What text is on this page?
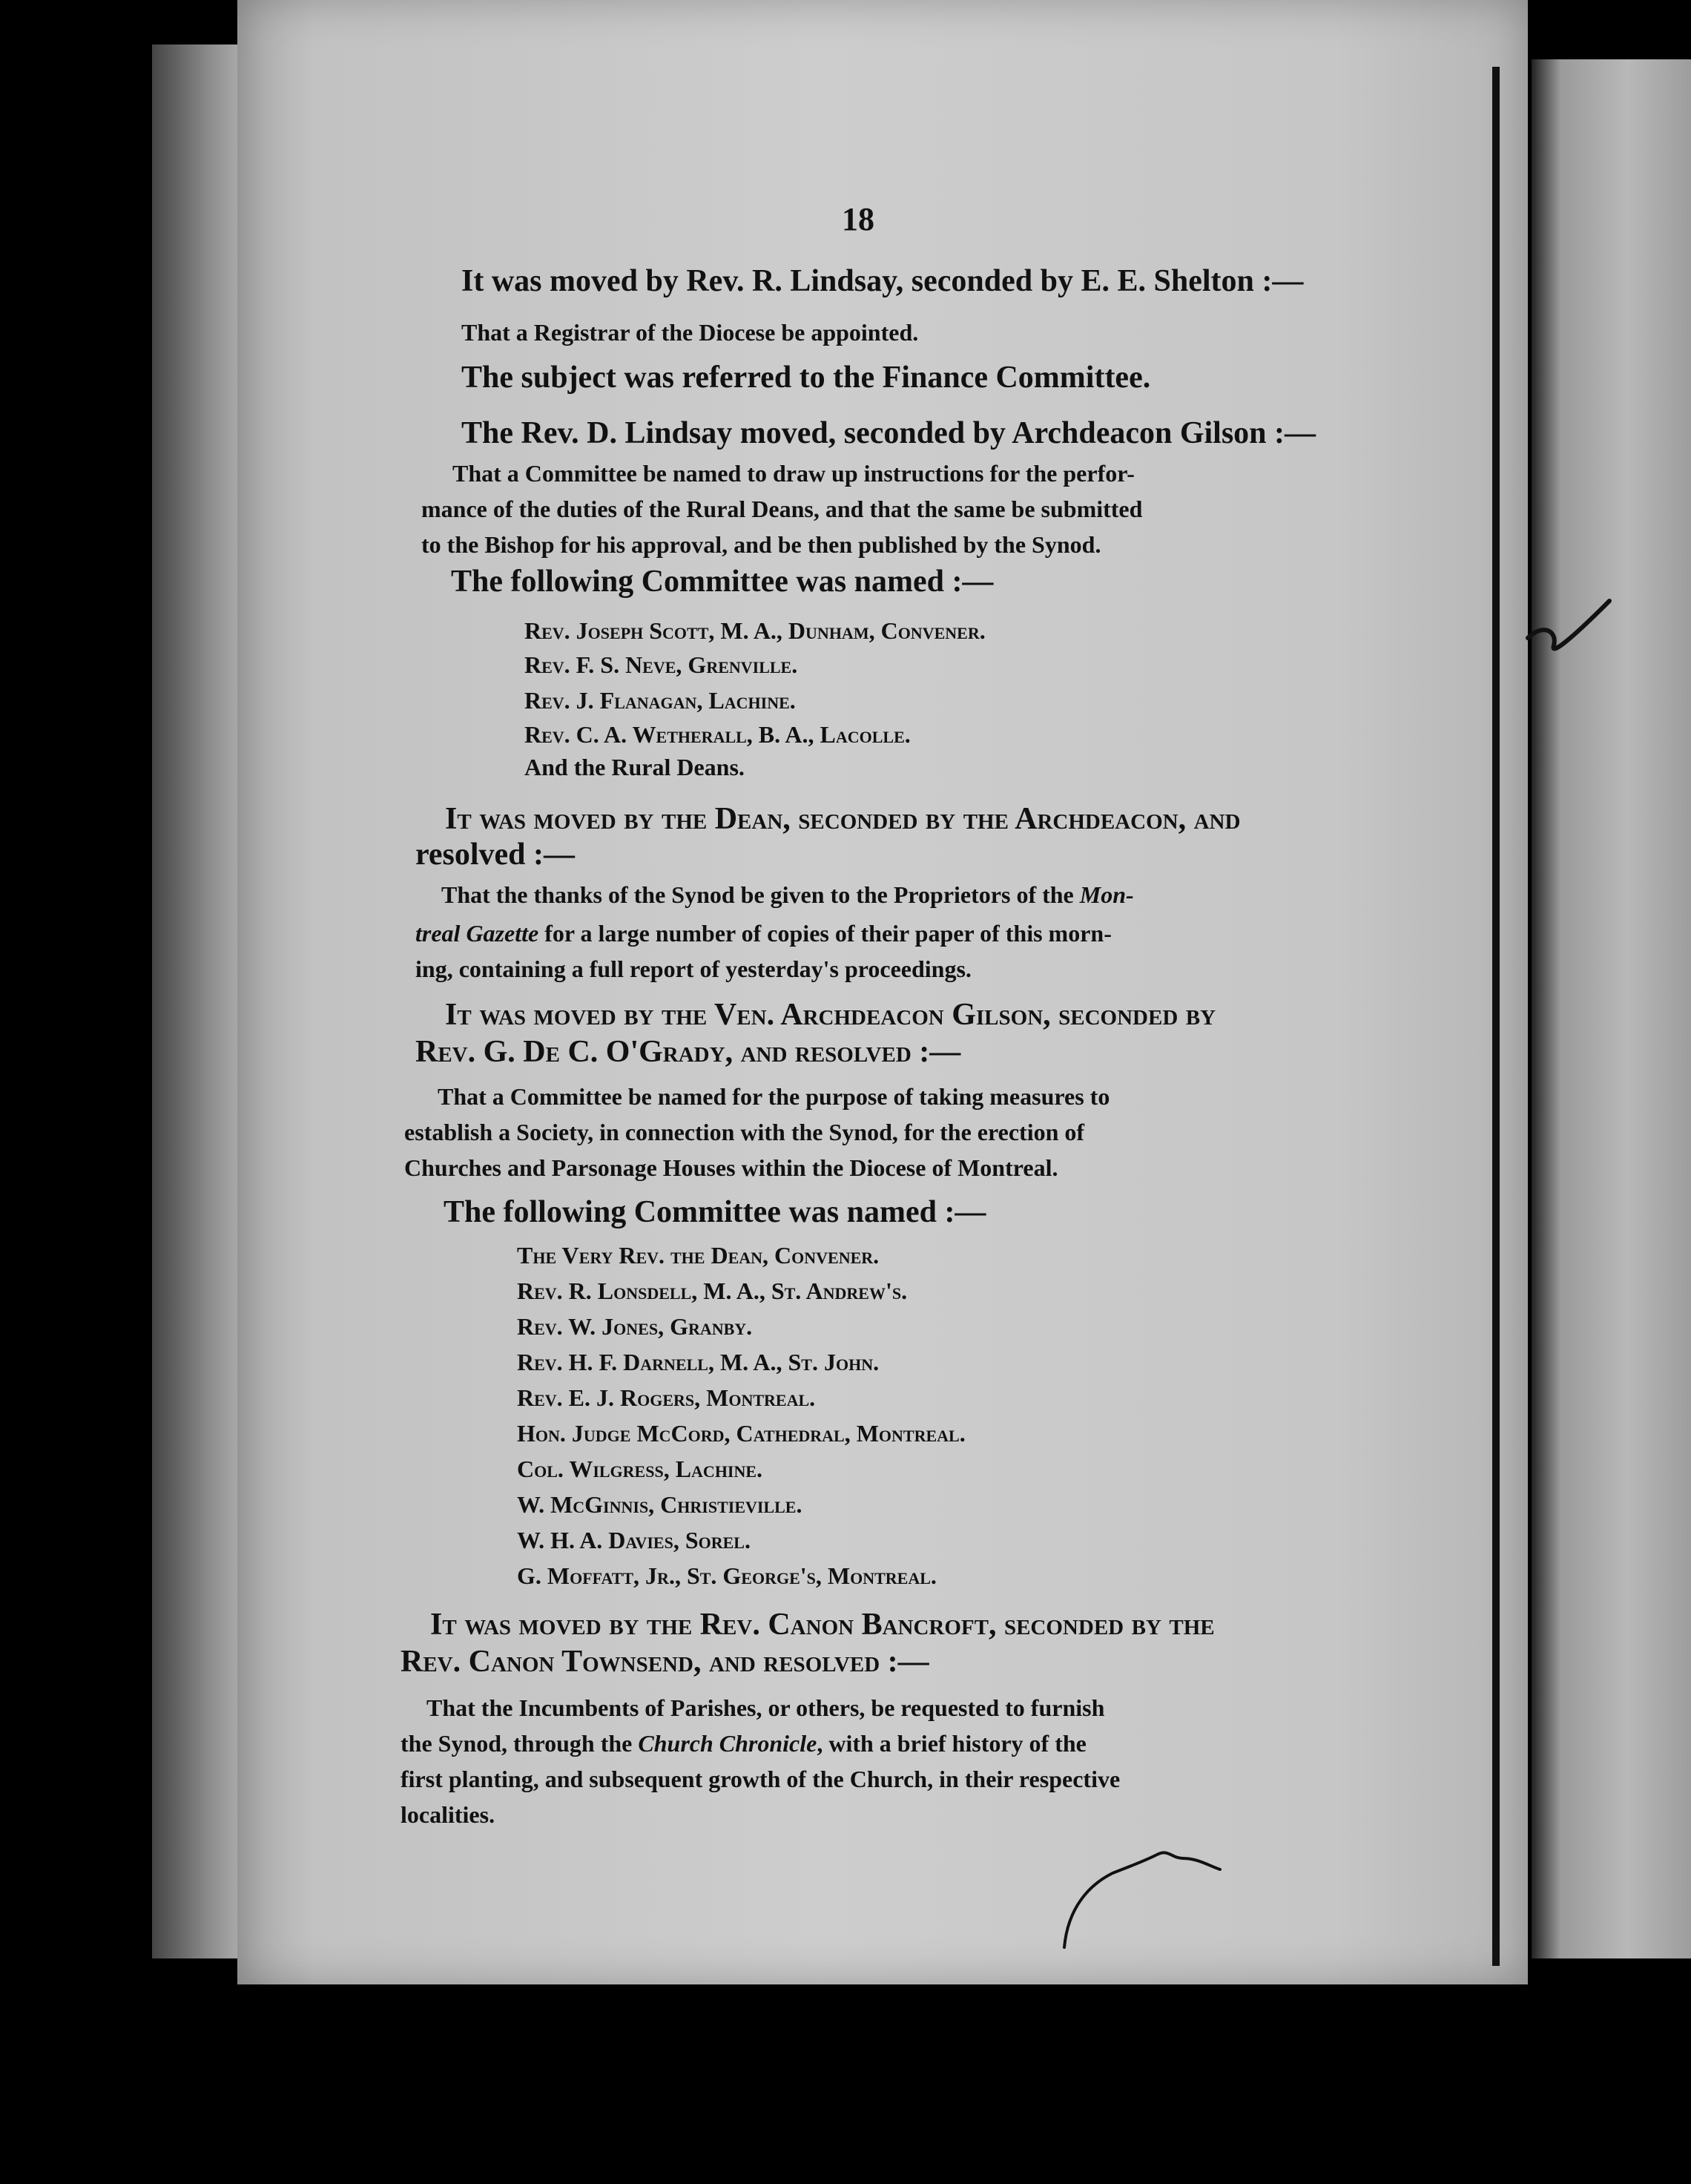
18
It was moved by Rev. R. Lindsay, seconded by E. E. Shelton :—
That a Registrar of the Diocese be appointed.
The subject was referred to the Finance Committee.
The Rev. D. Lindsay moved, seconded by Archdeacon Gilson :—
That a Committee be named to draw up instructions for the perfor-
mance of the duties of the Rural Deans, and that the same be submitted
to the Bishop for his approval, and be then published by the Synod.
The following Committee was named :—
Rev. Joseph Scott, M. A., Dunham, Convener.
Rev. F. S. Neve, Grenville.
Rev. J. Flanagan, Lachine.
Rev. C. A. Wetherall, B. A., Lacolle.
And the Rural Deans.
It was moved by the Dean, seconded by the Archdeacon, and
resolved :—
That the thanks of the Synod be given to the Proprietors of the Mon-
treal Gazette for a large number of copies of their paper of this morn-
ing, containing a full report of yesterday's proceedings.
It was moved by the Ven. Archdeacon Gilson, seconded by
Rev. G. De C. O'Grady, and resolved :—
That a Committee be named for the purpose of taking measures to
establish a Society, in connection with the Synod, for the erection of
Churches and Parsonage Houses within the Diocese of Montreal.
The following Committee was named :—
The Very Rev. the Dean, Convener.
Rev. R. Lonsdell, M. A., St. Andrew's.
Rev. W. Jones, Granby.
Rev. H. F. Darnell, M. A., St. John.
Rev. E. J. Rogers, Montreal.
Hon. Judge McCord, Cathedral, Montreal.
Col. Wilgress, Lachine.
W. McGinnis, Christieville.
W. H. A. Davies, Sorel.
G. Moffatt, Jr., St. George's, Montreal.
It was moved by the Rev. Canon Bancroft, seconded by the
Rev. Canon Townsend, and resolved :—
That the Incumbents of Parishes, or others, be requested to furnish
the Synod, through the Church Chronicle, with a brief history of the
first planting, and subsequent growth of the Church, in their respective
localities.
